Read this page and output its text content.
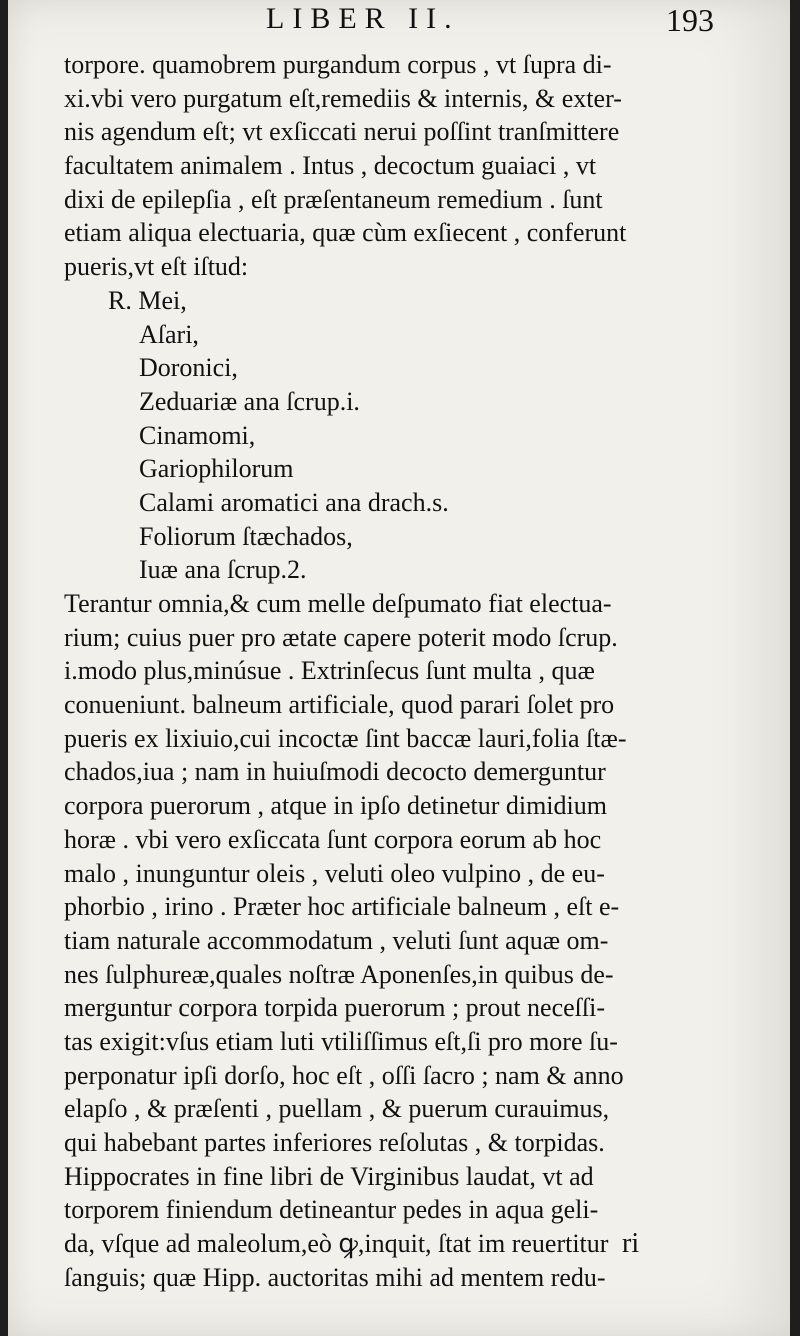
LIBER II.	193
torpore. quamobrem purgandum corpus , vt ſupra di-
xi.vbi vero purgatum eſt,remediis & internis, & exter-
nis agendum eſt; vt exſiccati nerui poſſint tranſmittere
facultatem animalem . Intus , decoctum guaiaci , vt
dixi de epilepſia , eſt præſentaneum remedium . ſunt
etiam aliqua electuaria, quæ cùm exſiecent , conferunt
pueris,vt eſt iſtud:
R. Mei,
Aſari,
Doronici,
Zeduariæ ana ſcrup.i.
Cinamomi,
Gariophilorum
Calami aromatici ana drach.s.
Foliorum ſtæchados,
Iuæ ana ſcrup.2.
Terantur omnia,& cum melle deſpumato fiat electua-
rium; cuius puer pro ætate capere poterit modo ſcrup.
i.modo plus,minúsue . Extrinſecus ſunt multa , quæ
conueniunt. balneum artificiale, quod parari ſolet pro
pueris ex lixiuio,cui incoctæ ſint baccæ lauri,folia ſtæ-
chados,iua ; nam in huiuſmodi decocto demerguntur
corpora puerorum , atque in ipſo detinetur dimidium
horæ . vbi vero exſiccata ſunt corpora eorum ab hoc
malo , inunguntur oleis , veluti oleo vulpino , de eu-
phorbio , irino . Præter hoc artificiale balneum , eſt e-
tiam naturale accommodatum , veluti ſunt aquæ om-
nes ſulphureæ,quales noſtræ Aponenſes,in quibus de-
merguntur corpora torpida puerorum ; prout neceſſi-
tas exigit:vſus etiam luti vtiliſſimus eſt,ſi pro more ſu-
perponatur ipſi dorſo, hoc eſt , oſſi ſacro ; nam & anno
elapſo , & præſenti , puellam , & puerum curauimus,
qui habebant partes inferiores reſolutas , & torpidas.
Hippocrates in fine libri de Virginibus laudat, vt ad
torporem finiendum detineantur pedes in aqua geli-
da, vſque ad maleolum,eò ꝙ,inquit, ſtat im reuertitur
ſanguis; quæ Hipp. auctoritas mihi ad mentem redu-
ri
